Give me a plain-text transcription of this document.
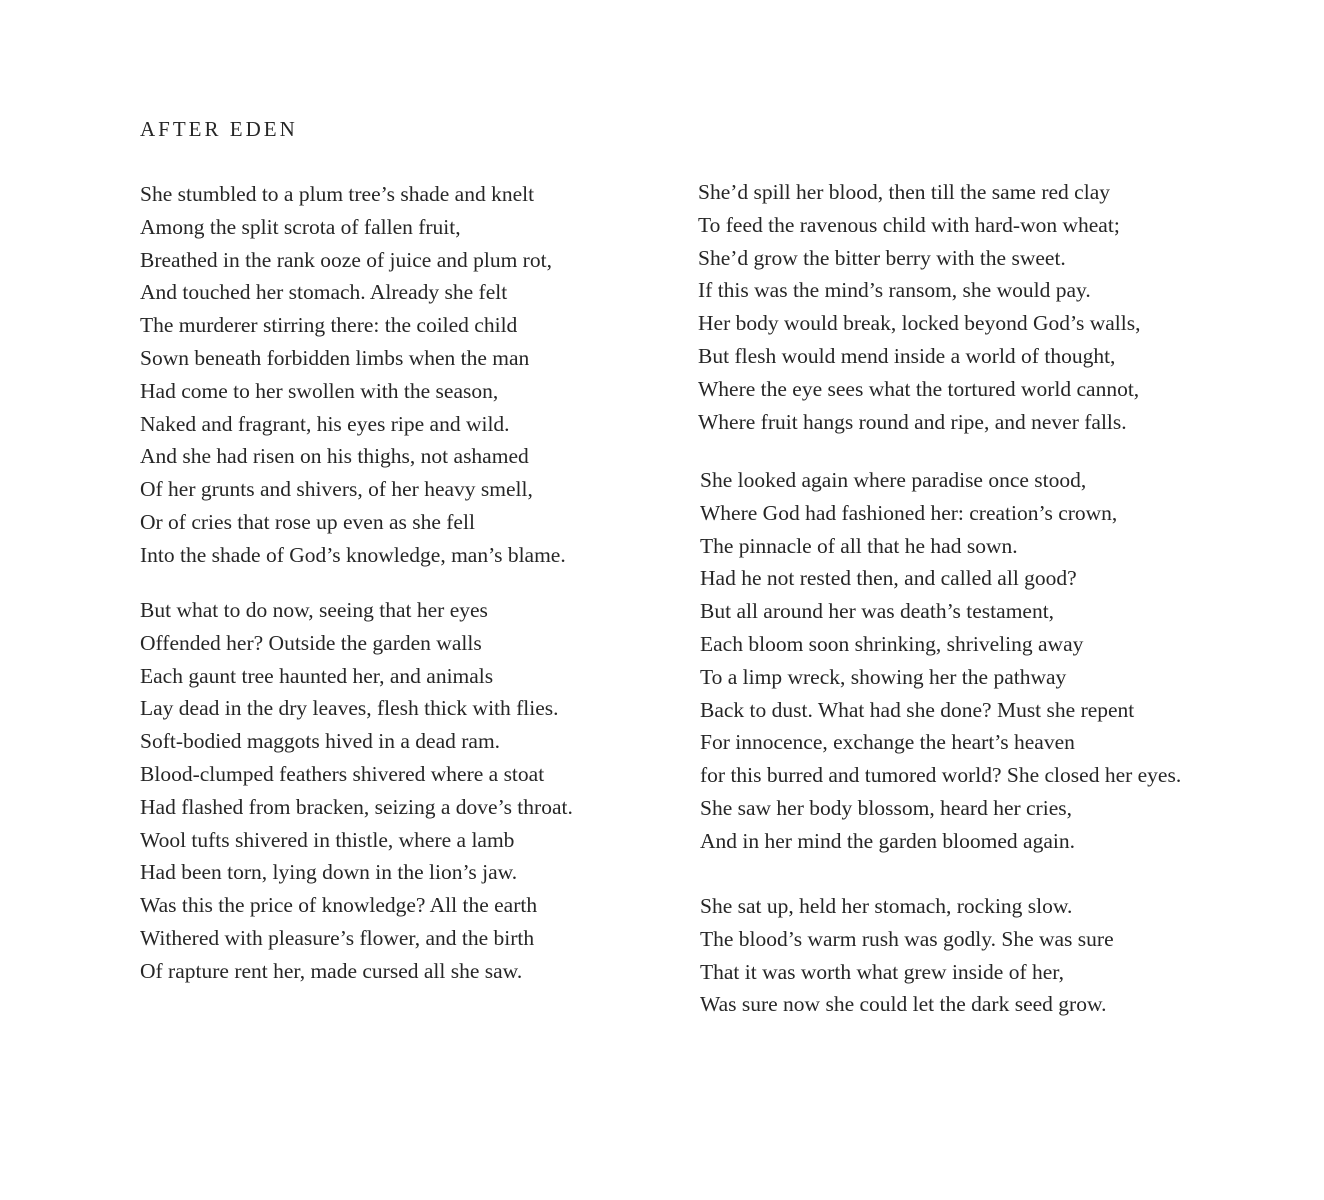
AFTER EDEN
She stumbled to a plum tree’s shade and knelt
Among the split scrota of fallen fruit,
Breathed in the rank ooze of juice and plum rot,
And touched her stomach. Already she felt
The murderer stirring there: the coiled child
Sown beneath forbidden limbs when the man
Had come to her swollen with the season,
Naked and fragrant, his eyes ripe and wild.
And she had risen on his thighs, not ashamed
Of her grunts and shivers, of her heavy smell,
Or of cries that rose up even as she fell
Into the shade of God’s knowledge, man’s blame.
But what to do now, seeing that her eyes
Offended her? Outside the garden walls
Each gaunt tree haunted her, and animals
Lay dead in the dry leaves, flesh thick with flies.
Soft-bodied maggots hived in a dead ram.
Blood-clumped feathers shivered where a stoat
Had flashed from bracken, seizing a dove’s throat.
Wool tufts shivered in thistle, where a lamb
Had been torn, lying down in the lion’s jaw.
Was this the price of knowledge? All the earth
Withered with pleasure’s flower, and the birth
Of rapture rent her, made cursed all she saw.
She’d spill her blood, then till the same red clay
To feed the ravenous child with hard-won wheat;
She’d grow the bitter berry with the sweet.
If this was the mind’s ransom, she would pay.
Her body would break, locked beyond God’s walls,
But flesh would mend inside a world of thought,
Where the eye sees what the tortured world cannot,
Where fruit hangs round and ripe, and never falls.
She looked again where paradise once stood,
Where God had fashioned her: creation’s crown,
The pinnacle of all that he had sown.
Had he not rested then, and called all good?
But all around her was death’s testament,
Each bloom soon shrinking, shriveling away
To a limp wreck, showing her the pathway
Back to dust. What had she done? Must she repent
For innocence, exchange the heart’s heaven
for this burred and tumored world? She closed her eyes.
She saw her body blossom, heard her cries,
And in her mind the garden bloomed again.
She sat up, held her stomach, rocking slow.
The blood’s warm rush was godly. She was sure
That it was worth what grew inside of her,
Was sure now she could let the dark seed grow.
